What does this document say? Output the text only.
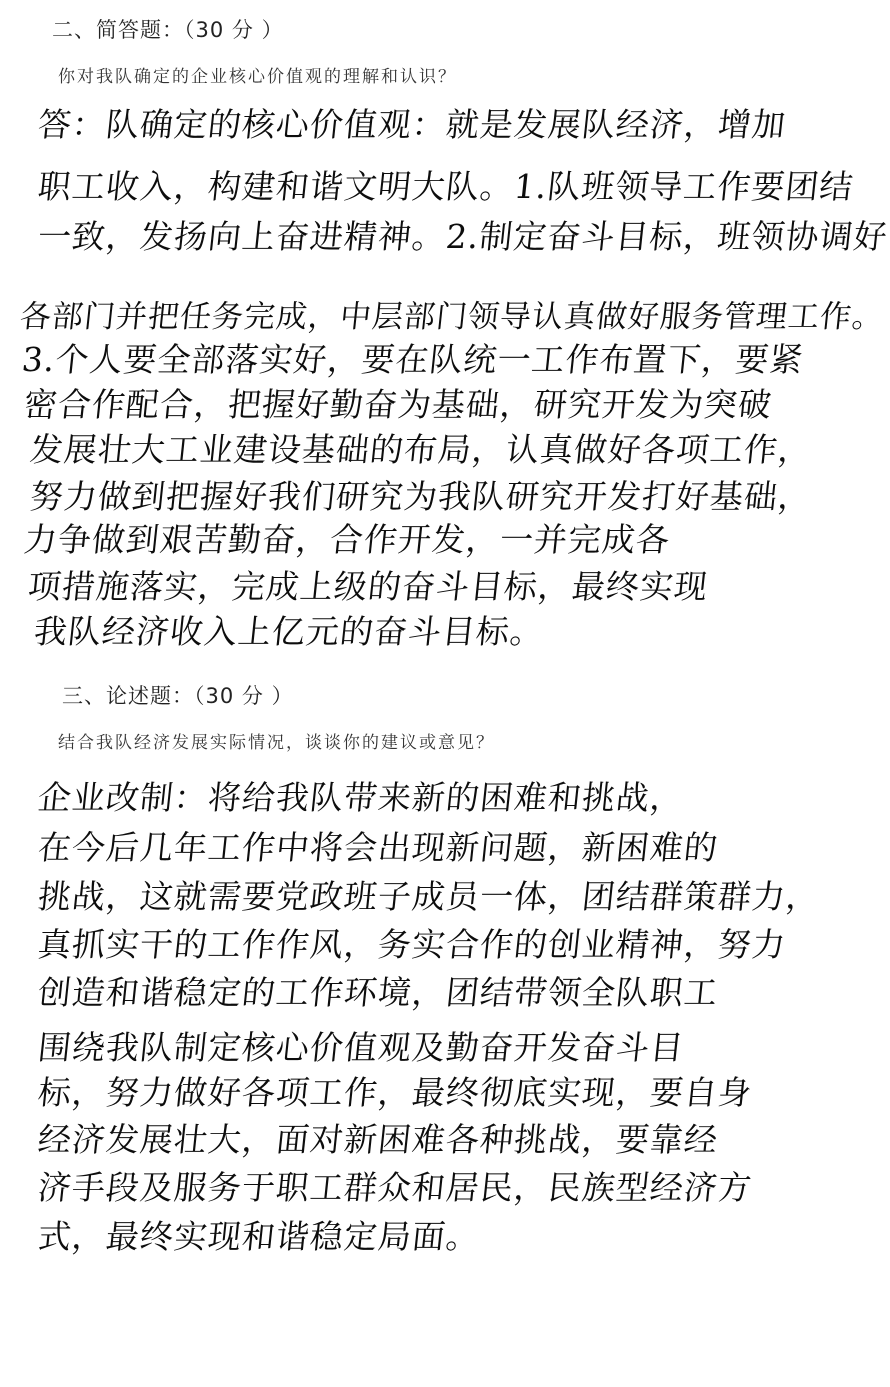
二、简答题：（30 分 ）
你对我队确定的企业核心价值观的理解和认识？
答：队确定的核心价值观：就是发展队经济，增加
职工收入，构建和谐文明大队。1.队班领导工作要团结
一致，发扬向上奋进精神。2.制定奋斗目标，班领协调好
各部门并把任务完成，中层部门领导认真做好服务管理工作。
3.个人要全部落实好，要在队统一工作布置下，要紧
密合作配合，把握好勤奋为基础，研究开发为突破
发展壮大工业建设基础的布局，认真做好各项工作，
努力做到把握好我们研究为我队研究开发打好基础，
力争做到艰苦勤奋，合作开发，一并完成各
项措施落实，完成上级的奋斗目标，最终实现
我队经济收入上亿元的奋斗目标。
三、论述题：（30 分 ）
结合我队经济发展实际情况，谈谈你的建议或意见？
企业改制：将给我队带来新的困难和挑战，
在今后几年工作中将会出现新问题，新困难的
挑战，这就需要党政班子成员一体，团结群策群力，
真抓实干的工作作风，务实合作的创业精神，努力
创造和谐稳定的工作环境，团结带领全队职工
围绕我队制定核心价值观及勤奋开发奋斗目
标，努力做好各项工作，最终彻底实现，要自身
经济发展壮大，面对新困难各种挑战，要靠经
济手段及服务于职工群众和居民，民族型经济方
式，最终实现和谐稳定局面。
